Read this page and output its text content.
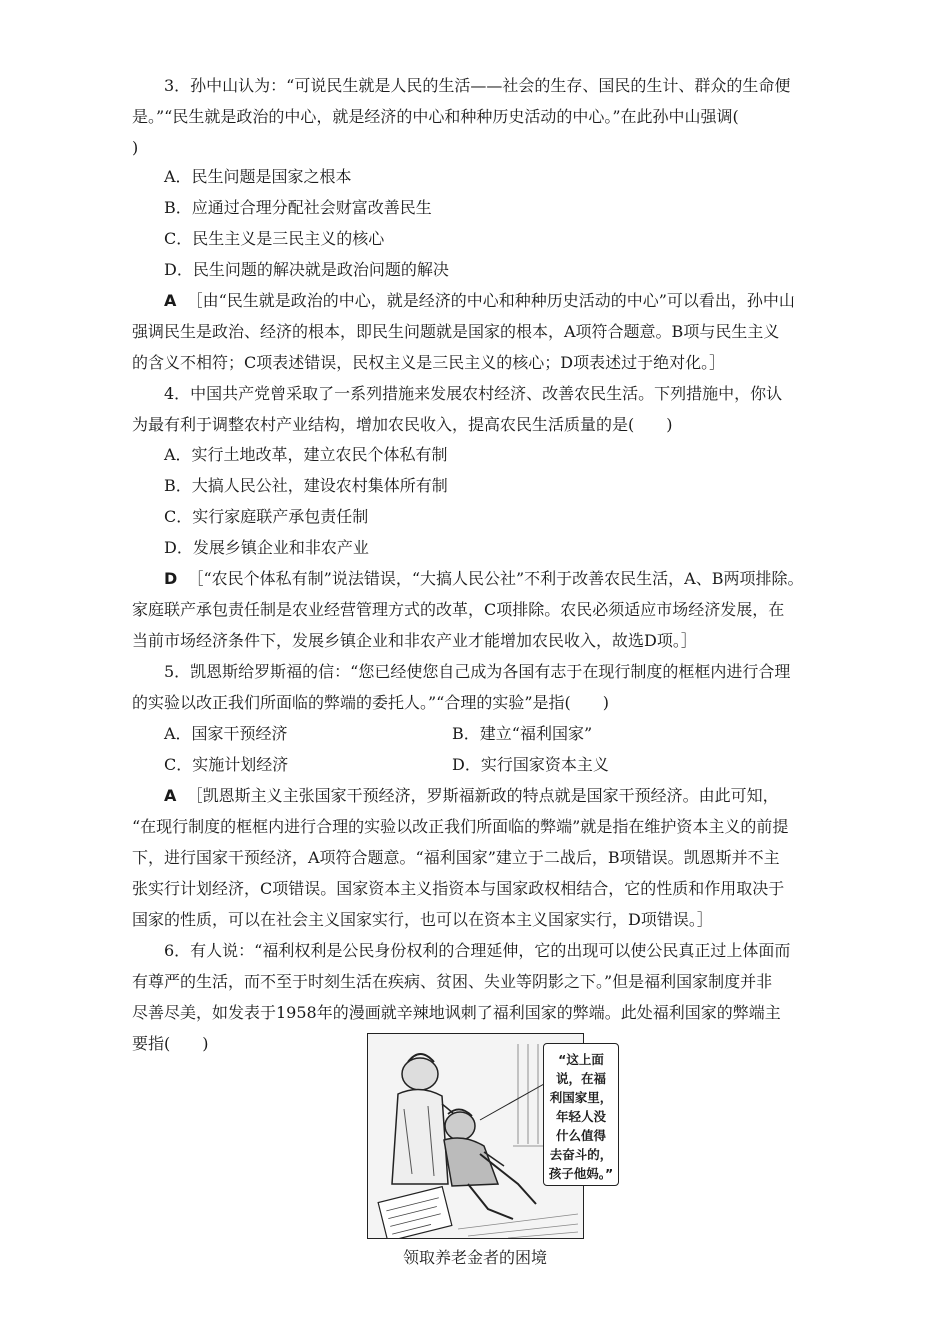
3．孙中山认为：“可说民生就是人民的生活——社会的生存、国民的生计、群众的生命便

是。”“民生就是政治的中心，就是经济的中心和种种历史活动的中心。”在此孙中山强调(

)

A．民生问题是国家之根本

B．应通过合理分配社会财富改善民生

C．民生主义是三民主义的核心

D．民生问题的解决就是政治问题的解决

A ［由“民生就是政治的中心，就是经济的中心和种种历史活动的中心”可以看出，孙中山

强调民生是政治、经济的根本，即民生问题就是国家的根本，A项符合题意。B项与民生主义

的含义不相符；C项表述错误，民权主义是三民主义的核心；D项表述过于绝对化。］

4．中国共产党曾采取了一系列措施来发展农村经济、改善农民生活。下列措施中，你认

为最有利于调整农村产业结构，增加农民收入，提高农民生活质量的是(　　)

A．实行土地改革，建立农民个体私有制

B．大搞人民公社，建设农村集体所有制

C．实行家庭联产承包责任制

D．发展乡镇企业和非农产业

D ［“农民个体私有制”说法错误，“大搞人民公社”不利于改善农民生活，A、B两项排除。

家庭联产承包责任制是农业经营管理方式的改革，C项排除。农民必须适应市场经济发展，在

当前市场经济条件下，发展乡镇企业和非农产业才能增加农民收入，故选D项。］

5．凯恩斯给罗斯福的信：“您已经使您自己成为各国有志于在现行制度的框框内进行合理

的实验以改正我们所面临的弊端的委托人。”“合理的实验”是指(　　)

A．国家干预经济	B．建立“福利国家”
C．实施计划经济	D．实行国家资本主义

A ［凯恩斯主义主张国家干预经济，罗斯福新政的特点就是国家干预经济。由此可知，

“在现行制度的框框内进行合理的实验以改正我们所面临的弊端”就是指在维护资本主义的前提

下，进行国家干预经济，A项符合题意。“福利国家”建立于二战后，B项错误。凯恩斯并不主

张实行计划经济，C项错误。国家资本主义指资本与国家政权相结合，它的性质和作用取决于

国家的性质，可以在社会主义国家实行，也可以在资本主义国家实行，D项错误。］

6．有人说：“福利权利是公民身份权利的合理延伸，它的出现可以使公民真正过上体面而

有尊严的生活，而不至于时刻生活在疾病、贫困、失业等阴影之下。”但是福利国家制度并非

尽善尽美，如发表于1958年的漫画就辛辣地讽刺了福利国家的弊端。此处福利国家的弊端主

要指(　　)

“这上面
说，在福
利国家里，
年轻人没
什么值得
去奋斗的，
孩子他妈。”
领取养老金者的困境
